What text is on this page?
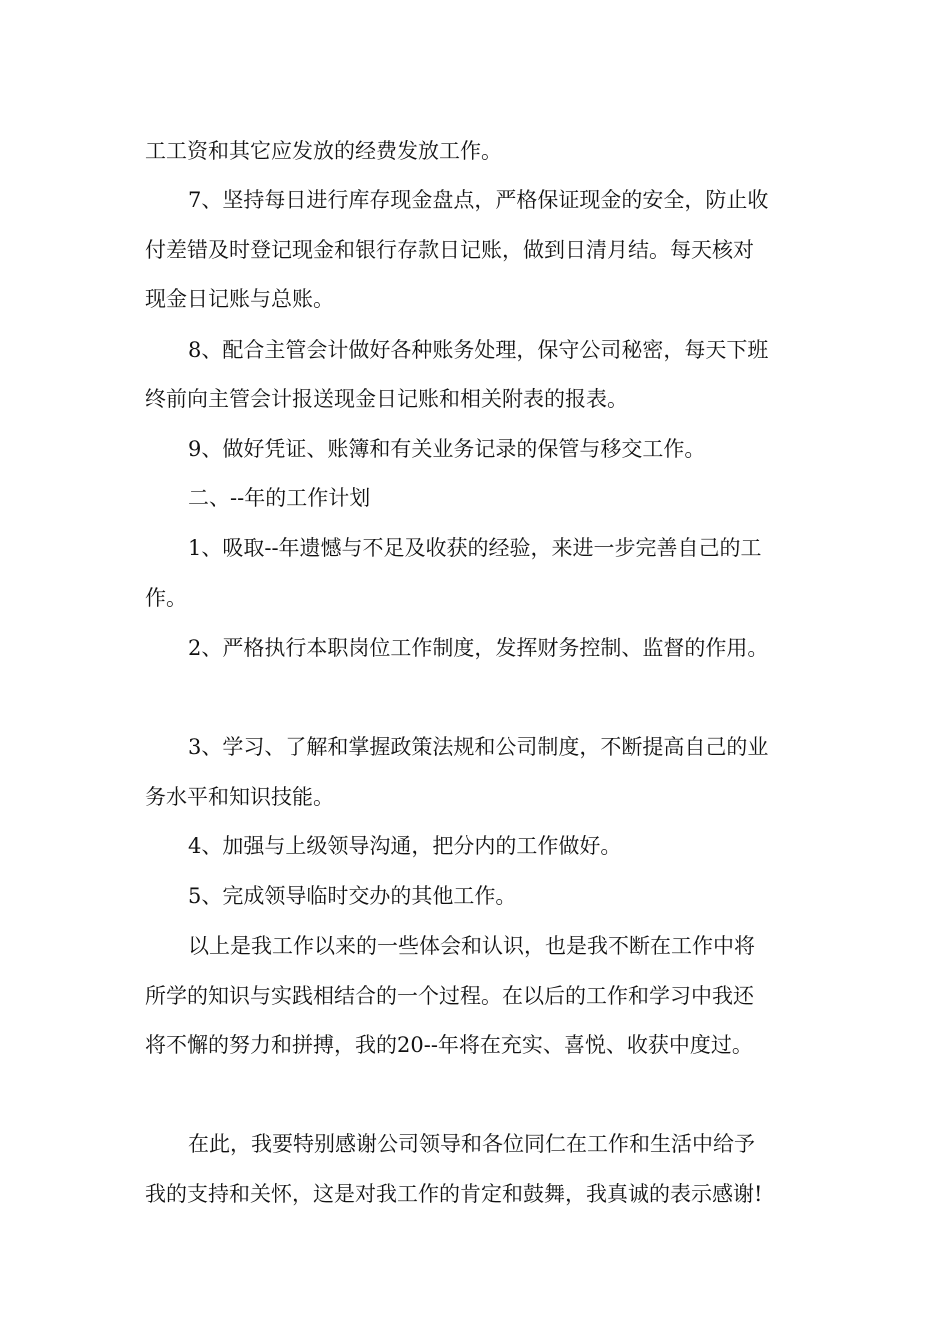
工工资和其它应发放的经费发放工作。
7、坚持每日进行库存现金盘点，严格保证现金的安全，防止收
付差错及时登记现金和银行存款日记账，做到日清月结。每天核对
现金日记账与总账。
8、配合主管会计做好各种账务处理，保守公司秘密，每天下班
终前向主管会计报送现金日记账和相关附表的报表。
9、做好凭证、账簿和有关业务记录的保管与移交工作。
二、--年的工作计划
1、吸取--年遗憾与不足及收获的经验，来进一步完善自己的工
作。
2、严格执行本职岗位工作制度，发挥财务控制、监督的作用。
3、学习、了解和掌握政策法规和公司制度，不断提高自己的业
务水平和知识技能。
4、加强与上级领导沟通，把分内的工作做好。
5、完成领导临时交办的其他工作。
以上是我工作以来的一些体会和认识，也是我不断在工作中将
所学的知识与实践相结合的一个过程。在以后的工作和学习中我还
将不懈的努力和拼搏，我的20--年将在充实、喜悦、收获中度过。
在此，我要特别感谢公司领导和各位同仁在工作和生活中给予
我的支持和关怀，这是对我工作的肯定和鼓舞，我真诚的表示感谢!
